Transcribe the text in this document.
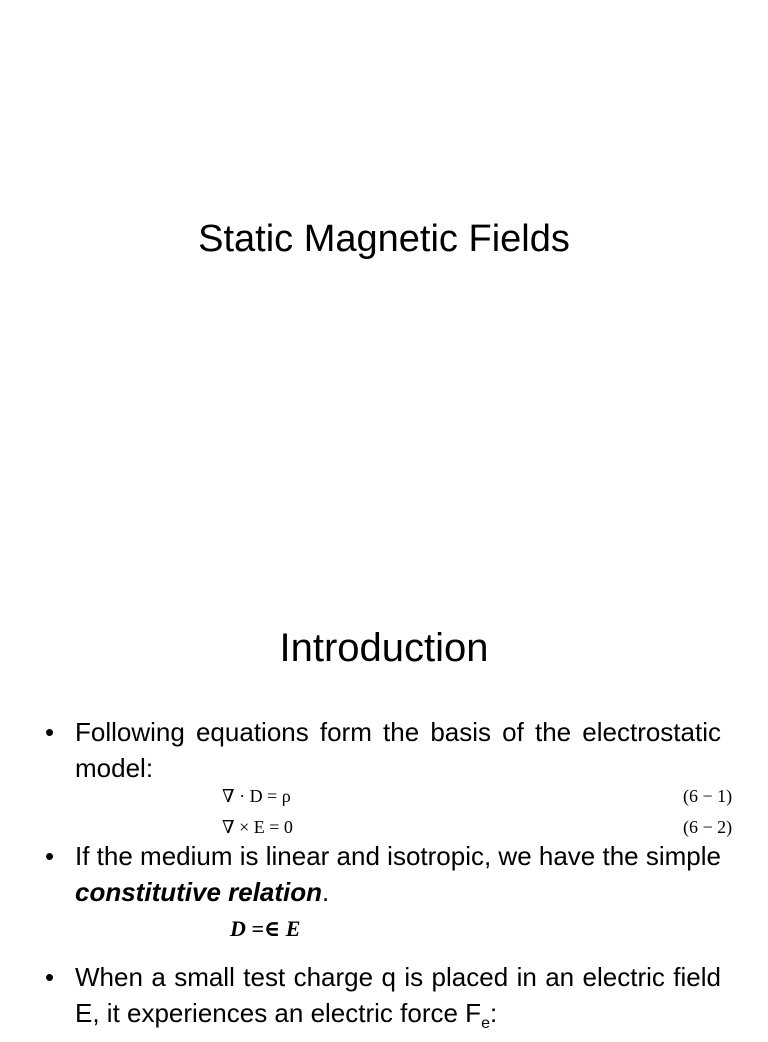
Static Magnetic Fields
Introduction
• Following equations form the basis of the electrostatic model:
∇ · D = ρ	(6 − 1)
∇ × E = 0	(6 − 2)
• If the medium is linear and isotropic, we have the simple constitutive relation.
D =∈ E
• When a small test charge q is placed in an electric field E, it experiences an electric force $F_e$:
